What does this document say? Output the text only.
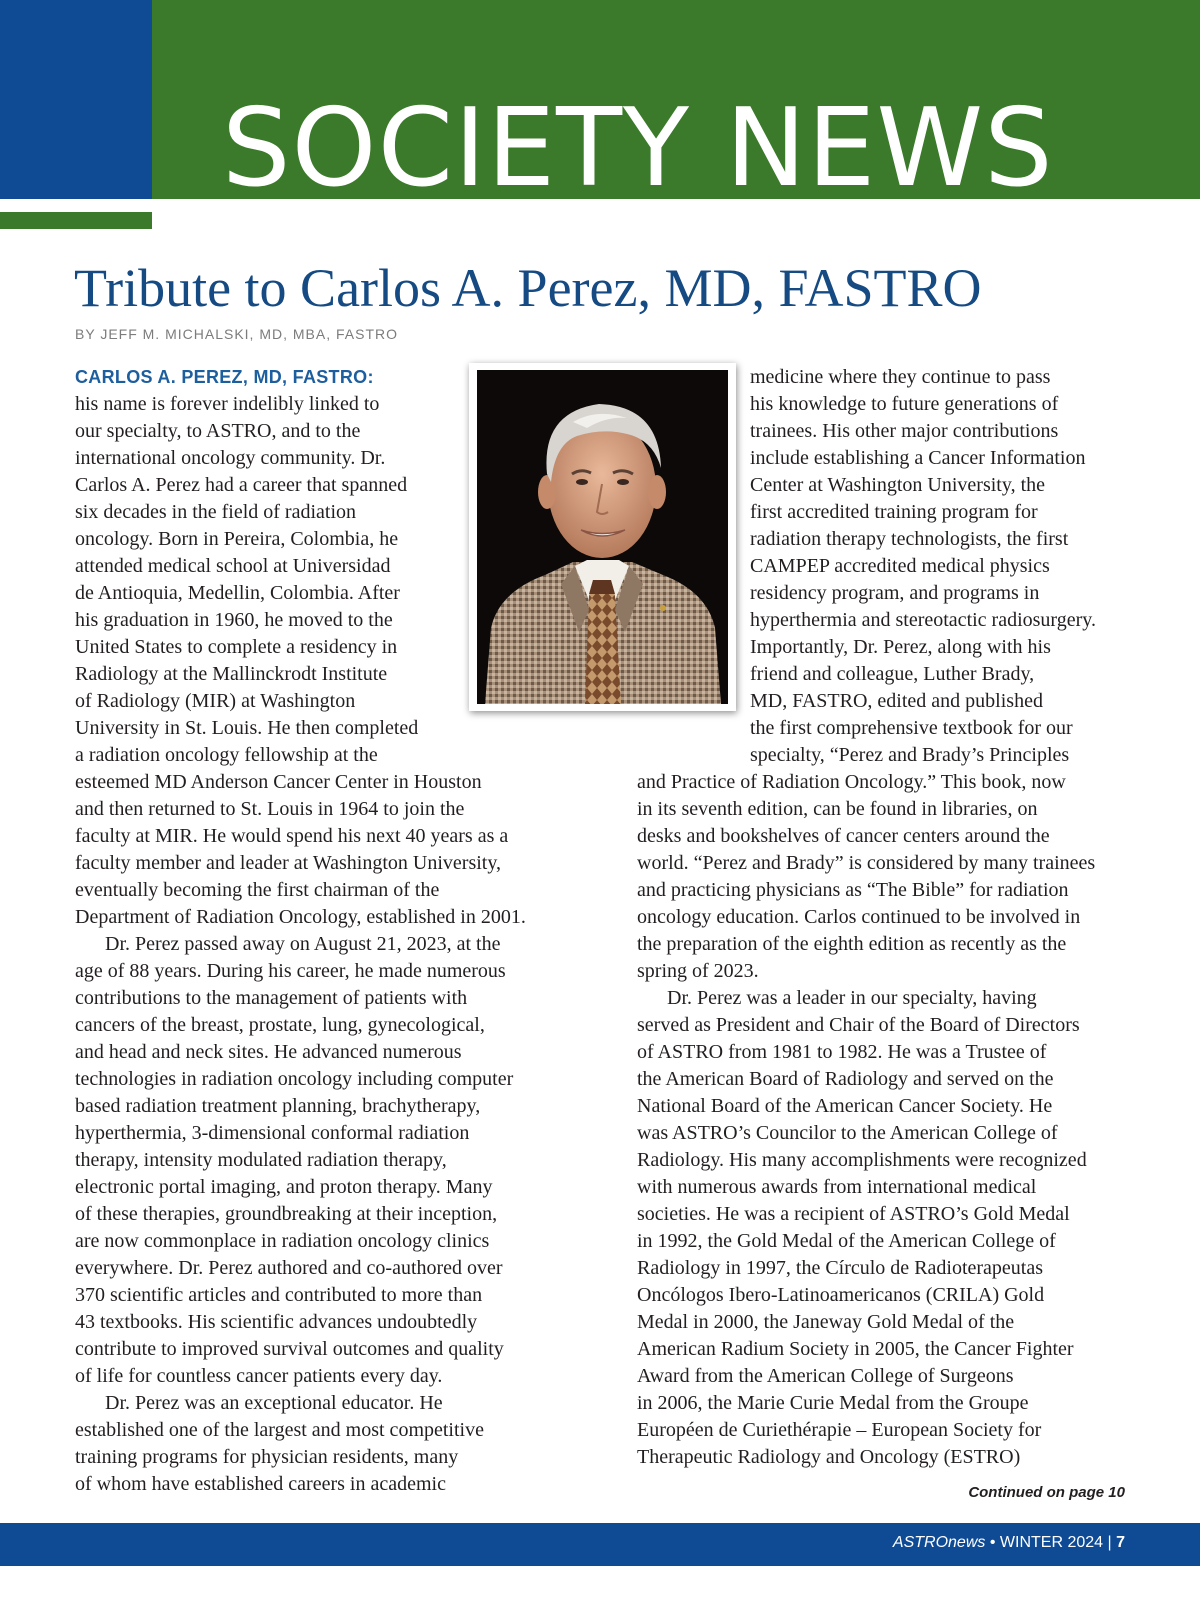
SOCIETY NEWS
Tribute to Carlos A. Perez, MD, FASTRO
BY JEFF M. MICHALSKI, MD, MBA, FASTRO
CARLOS A. PEREZ, MD, FASTRO:
his name is forever indelibly linked to
our specialty, to ASTRO, and to the
international oncology community. Dr.
Carlos A. Perez had a career that spanned
six decades in the field of radiation
oncology. Born in Pereira, Colombia, he
attended medical school at Universidad
de Antioquia, Medellin, Colombia. After
his graduation in 1960, he moved to the
United States to complete a residency in
Radiology at the Mallinckrodt Institute
of Radiology (MIR) at Washington
University in St. Louis. He then completed
a radiation oncology fellowship at the
esteemed MD Anderson Cancer Center in Houston
and then returned to St. Louis in 1964 to join the
faculty at MIR. He would spend his next 40 years as a
faculty member and leader at Washington University,
eventually becoming the first chairman of the
Department of Radiation Oncology, established in 2001.
Dr. Perez passed away on August 21, 2023, at the
age of 88 years. During his career, he made numerous
contributions to the management of patients with
cancers of the breast, prostate, lung, gynecological,
and head and neck sites. He advanced numerous
technologies in radiation oncology including computer
based radiation treatment planning, brachytherapy,
hyperthermia, 3-dimensional conformal radiation
therapy, intensity modulated radiation therapy,
electronic portal imaging, and proton therapy. Many
of these therapies, groundbreaking at their inception,
are now commonplace in radiation oncology clinics
everywhere. Dr. Perez authored and co-authored over
370 scientific articles and contributed to more than
43 textbooks. His scientific advances undoubtedly
contribute to improved survival outcomes and quality
of life for countless cancer patients every day.
Dr. Perez was an exceptional educator. He
established one of the largest and most competitive
training programs for physician residents, many
of whom have established careers in academic
medicine where they continue to pass
his knowledge to future generations of
trainees. His other major contributions
include establishing a Cancer Information
Center at Washington University, the
first accredited training program for
radiation therapy technologists, the first
CAMPEP accredited medical physics
residency program, and programs in
hyperthermia and stereotactic radiosurgery.
Importantly, Dr. Perez, along with his
friend and colleague, Luther Brady,
MD, FASTRO, edited and published
the first comprehensive textbook for our
specialty, “Perez and Brady’s Principles
and Practice of Radiation Oncology.” This book, now
in its seventh edition, can be found in libraries, on
desks and bookshelves of cancer centers around the
world. “Perez and Brady” is considered by many trainees
and practicing physicians as “The Bible” for radiation
oncology education. Carlos continued to be involved in
the preparation of the eighth edition as recently as the
spring of 2023.
Dr. Perez was a leader in our specialty, having
served as President and Chair of the Board of Directors
of ASTRO from 1981 to 1982. He was a Trustee of
the American Board of Radiology and served on the
National Board of the American Cancer Society. He
was ASTRO’s Councilor to the American College of
Radiology. His many accomplishments were recognized
with numerous awards from international medical
societies. He was a recipient of ASTRO’s Gold Medal
in 1992, the Gold Medal of the American College of
Radiology in 1997, the Círculo de Radioterapeutas
Oncólogos Ibero-Latinoamericanos (CRILA) Gold
Medal in 2000, the Janeway Gold Medal of the
American Radium Society in 2005, the Cancer Fighter
Award from the American College of Surgeons
in 2006, the Marie Curie Medal from the Groupe
Européen de Curiethérapie – European Society for
Therapeutic Radiology and Oncology (ESTRO)
Continued on page 10
ASTROnews • WINTER 2024 | 7
